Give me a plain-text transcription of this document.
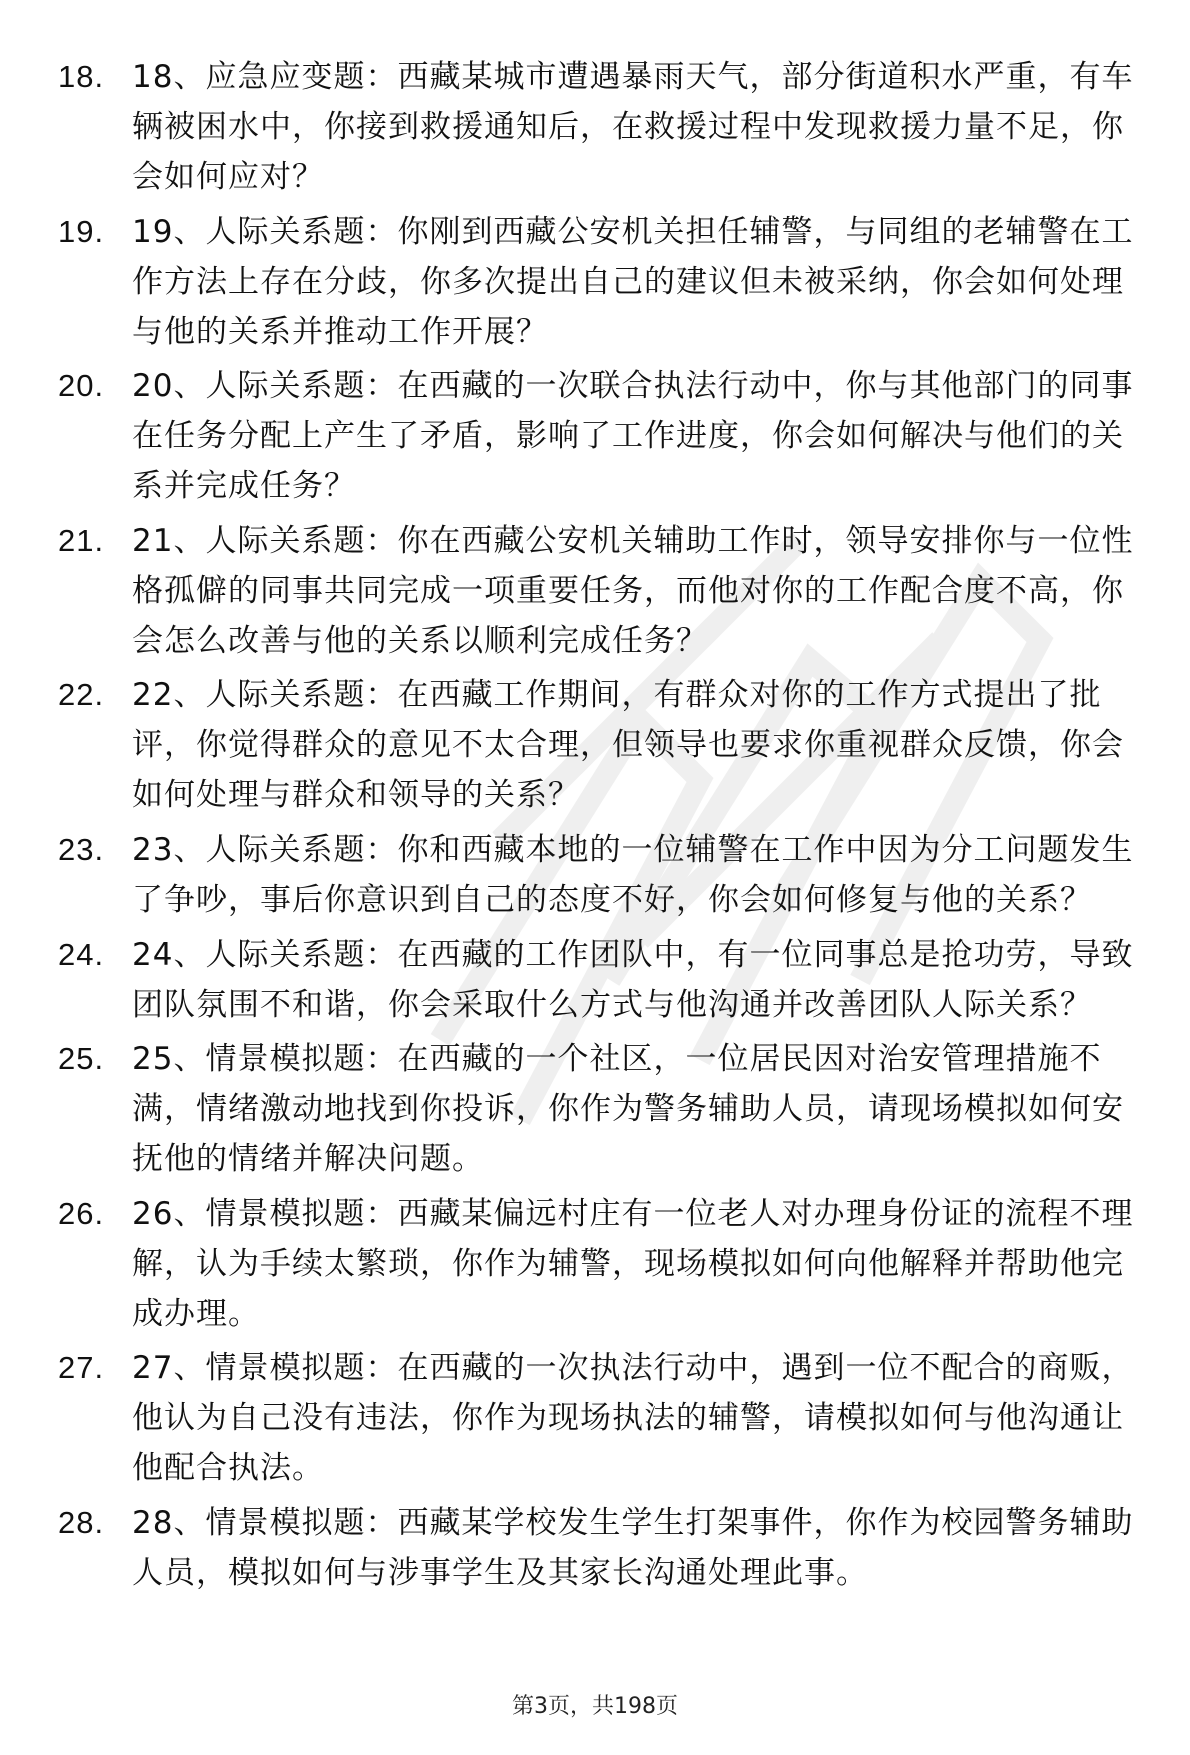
18. 18、应急应变题：西藏某城市遭遇暴雨天气，部分街道积水严重，有车辆被困水中，你接到救援通知后，在救援过程中发现救援力量不足，你会如何应对？
19. 19、人际关系题：你刚到西藏公安机关担任辅警，与同组的老辅警在工作方法上存在分歧，你多次提出自己的建议但未被采纳，你会如何处理与他的关系并推动工作开展？
20. 20、人际关系题：在西藏的一次联合执法行动中，你与其他部门的同事在任务分配上产生了矛盾，影响了工作进度，你会如何解决与他们的关系并完成任务？
21. 21、人际关系题：你在西藏公安机关辅助工作时，领导安排你与一位性格孤僻的同事共同完成一项重要任务，而他对你的工作配合度不高，你会怎么改善与他的关系以顺利完成任务？
22. 22、人际关系题：在西藏工作期间，有群众对你的工作方式提出了批评，你觉得群众的意见不太合理，但领导也要求你重视群众反馈，你会如何处理与群众和领导的关系？
23. 23、人际关系题：你和西藏本地的一位辅警在工作中因为分工问题发生了争吵，事后你意识到自己的态度不好，你会如何修复与他的关系？
24. 24、人际关系题：在西藏的工作团队中，有一位同事总是抢功劳，导致团队氛围不和谐，你会采取什么方式与他沟通并改善团队人际关系？
25. 25、情景模拟题：在西藏的一个社区，一位居民因对治安管理措施不满，情绪激动地找到你投诉，你作为警务辅助人员，请现场模拟如何安抚他的情绪并解决问题。
26. 26、情景模拟题：西藏某偏远村庄有一位老人对办理身份证的流程不理解，认为手续太繁琐，你作为辅警，现场模拟如何向他解释并帮助他完成办理。
27. 27、情景模拟题：在西藏的一次执法行动中，遇到一位不配合的商贩，他认为自己没有违法，你作为现场执法的辅警，请模拟如何与他沟通让他配合执法。
28. 28、情景模拟题：西藏某学校发生学生打架事件，你作为校园警务辅助人员，模拟如何与涉事学生及其家长沟通处理此事。
第3页，共198页
